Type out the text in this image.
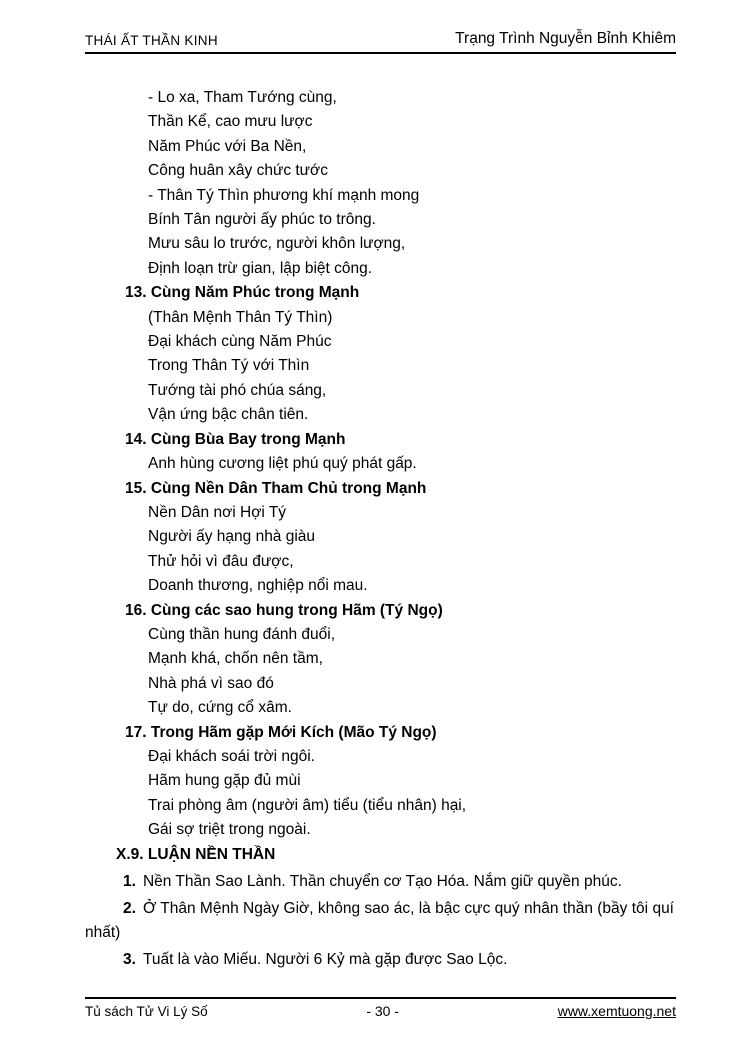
THÁI ẤT THẦN KINH	Trạng Trình Nguyễn Bỉnh Khiêm

- Lo xa, Tham Tướng cùng,

Thần Kể, cao mưu lược

Năm Phúc với Ba Nền,

Công huân xây chức tước

- Thân Tý Thìn phương khí mạnh mong

Bính Tân người ấy phúc to trông.

Mưu sâu lo trước, người khôn lượng,

Định loạn trừ gian, lập biệt công.

13. Cùng Năm Phúc trong Mạnh

(Thân Mệnh Thân Tý Thìn)

Đại khách cùng Năm Phúc

Trong Thân Tý với Thìn

Tướng tài phó chúa sáng,

Vận ứng bậc chân tiên.

14. Cùng Bùa Bay trong Mạnh

Anh hùng cương liệt phú quý phát gấp.

15. Cùng Nền Dân Tham Chủ trong Mạnh

Nền Dân nơi Hợi Tý

Người ấy hạng nhà giàu

Thử hỏi vì đâu được,

Doanh thương, nghiệp nổi mau.

16. Cùng các sao hung trong Hãm (Tý Ngọ)

Cùng thần hung đánh đuổi,

Mạnh khá, chốn nên tầm,

Nhà phá vì sao đó

Tự do, cứng cổ xâm.

17. Trong Hãm gặp Mới Kích (Mão Tý Ngọ)

Đại khách soái trời ngôi.

Hãm hung gặp đủ mùi

Trai phòng âm (người âm) tiểu (tiểu nhân) hại,

Gái sợ triệt trong ngoài.

X.9. LUẬN NỀN THẦN

1. Nền Thần Sao Lành. Thần chuyển cơ Tạo Hóa. Nắm giữ quyền phúc.

2. Ở Thân Mệnh Ngày Giờ, không sao ác, là bậc cực quý nhân thần (bầy tôi quí nhất)

3. Tuất là vào Miếu. Người 6 Kỷ mà gặp được Sao Lộc.

Tủ sách Tử Vi Lý Số	- 30 -	www.xemtuong.net
